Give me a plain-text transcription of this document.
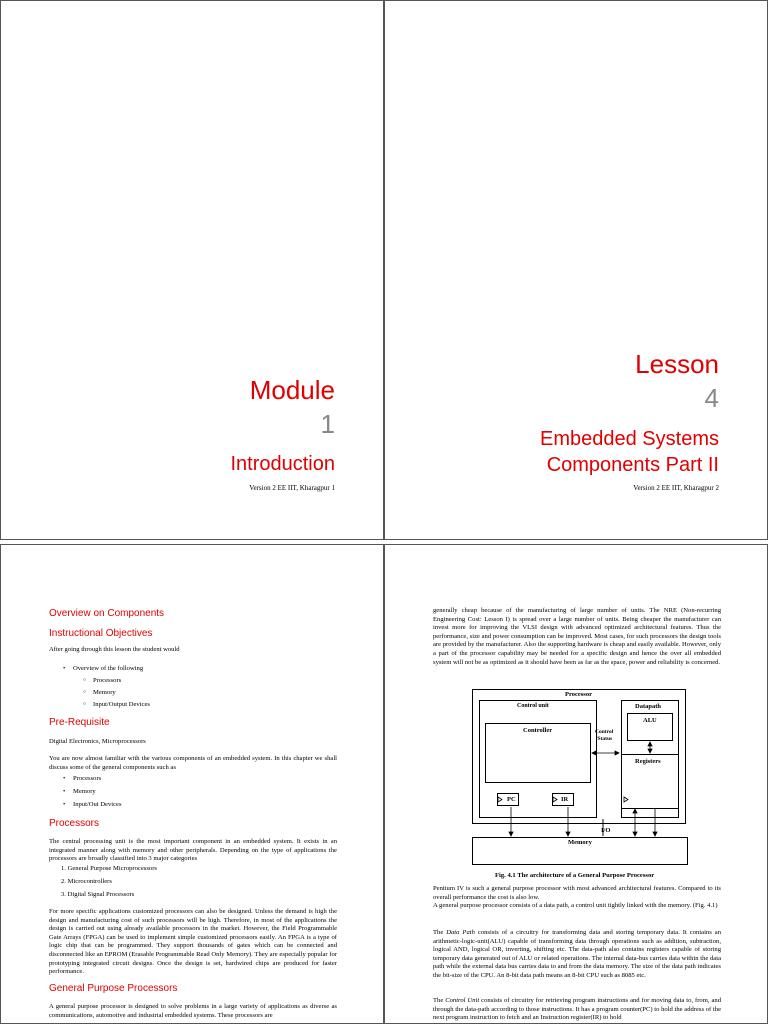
Module
1
Introduction
Version 2 EE IIT, Kharagpur 1
Lesson
4
Embedded Systems
Components Part II
Version 2 EE IIT, Kharagpur 2
Overview on Components
Instructional Objectives
After going through this lesson the student would
• Overview of the following
○ Processors
○ Memory
○ Input/Output Devices
Pre-Requisite
Digital Electronics, Microprocessors
You are now almost familiar with the various components of an embedded system. In this chapter we shall discuss some of the general components such as
• Processors
• Memory
• Input/Out Devices
Processors
The central processing unit is the most important component in an embedded system. It exists in an integrated manner along with memory and other peripherals. Depending on the type of applications the processors are broadly classified into 3 major categories
1. General Purpose Microprocessors
2. Microcontrollers
3. Digital Signal Processors
For more specific applications customized processors can also be designed. Unless the demand is high the design and manufacturing cost of such processors will be high. Therefore, in most of the applications the design is carried out using already available processors in the market. However, the Field Programmable Gate Arrays (FPGA) can be used to implement simple customized processors easily. An FPGA is a type of logic chip that can be programmed. They support thousands of gates which can be connected and disconnected like an EPROM (Erasable Programmable Read Only Memory). They are especially popular for prototyping integrated circuit designs. Once the design is set, hardwired chips are produced for faster performance.
General Purpose Processors
A general purpose processor is designed to solve problems in a large variety of applications as diverse as communications, automotive and industrial embedded systems. These processors are
generally cheap because of the manufacturing of large number of units. The NRE (Non-recurring Engineering Cost: Lesson I) is spread over a large number of units. Being cheaper the manufacturer can invest more for improving the VLSI design with advanced optimized architectural features. Thus the performance, size and power consumption can be improved. Most cases, for such processors the design tools are provided by the manufacturer. Also the supporting hardware is cheap and easily available. However, only a part of the processor capability may be needed for a specific design and hence the over all embedded system will not be as optimized as it should have been as far as the space, power and reliability is concerned.
Processor
Control unit
Controller
PC	IR
Control
/Status
Datapath
ALU
Registers
I/O
Memory
Fig. 4.1 The architecture of a General Purpose Processor
Pentium IV is such a general purpose processor with most advanced architectural features. Compared to its overall performance the cost is also low.
A general purpose processor consists of a data path, a control unit tightly linked with the memory. (Fig. 4.1)
The Data Path consists of a circuitry for transforming data and storing temporary data. It contains an arithmetic-logic-unit(ALU) capable of transforming data through operations such as addition, subtraction, logical AND, logical OR, inverting, shifting etc. The data-path also contains registers capable of storing temporary data generated out of ALU or related operations. The internal data-bus carries data within the data path while the external data bus carries data to and from the data memory. The size of the data path indicates the bit-size of the CPU. An 8-bit data path means an 8-bit CPU such as 8085 etc.
The Control Unit consists of circuitry for retrieving program instructions and for moving data to, from, and through the data-path according to those instructions. It has a program counter(PC) to hold the address of the next program instruction to fetch and an Instruction register(IR) to hold
